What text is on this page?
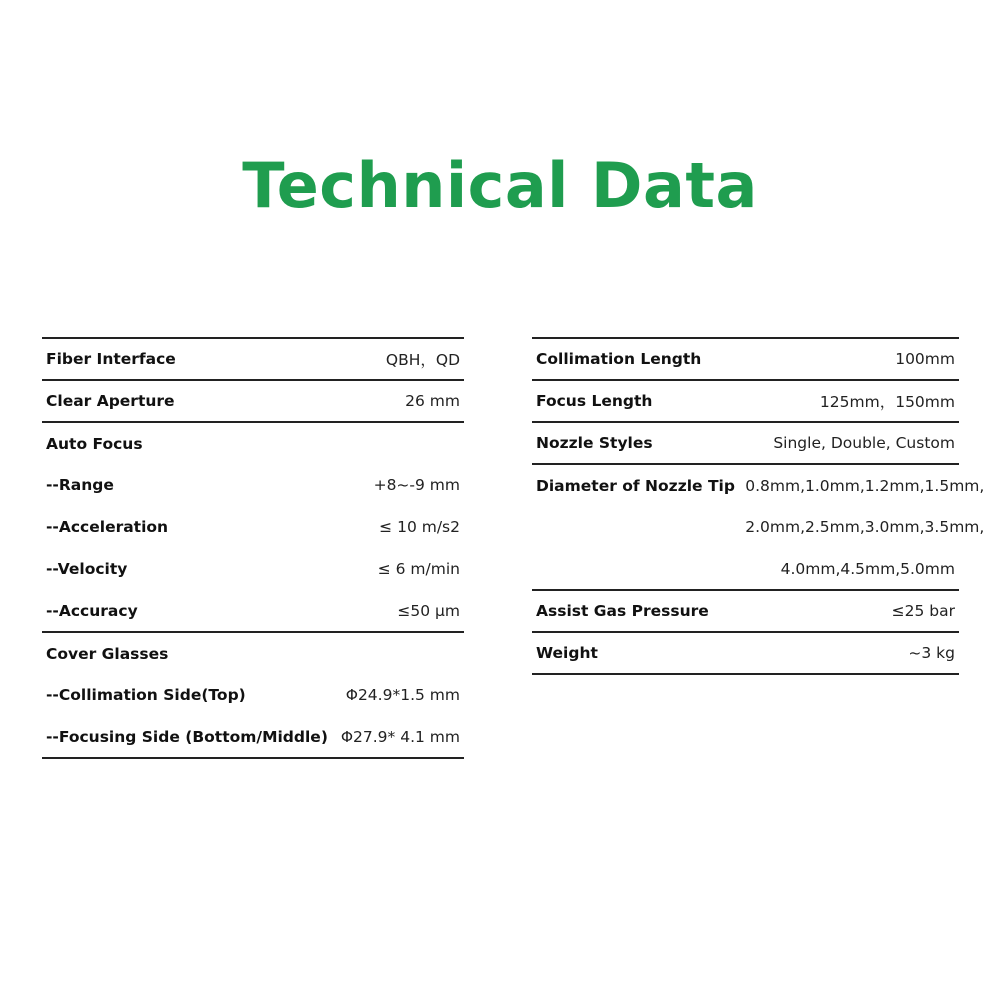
Technical Data
Fiber Interface	QBH，QD
Clear Aperture	26 mm
Auto Focus	
--Range	+8~-9 mm
--Acceleration	≤ 10 m/s2
--Velocity	≤ 6 m/min
--Accuracy	≤50 μm
Cover Glasses	
--Collimation Side(Top)	Φ24.9*1.5 mm
--Focusing Side (Bottom/Middle)	Φ27.9* 4.1 mm
Collimation Length	100mm
Focus Length	125mm，150mm
Nozzle Styles	Single, Double, Custom
Diameter of Nozzle Tip	0.8mm,1.0mm,1.2mm,1.5mm,
	2.0mm,2.5mm,3.0mm,3.5mm,
	4.0mm,4.5mm,5.0mm
Assist Gas Pressure	≤25 bar
Weight	~3 kg
